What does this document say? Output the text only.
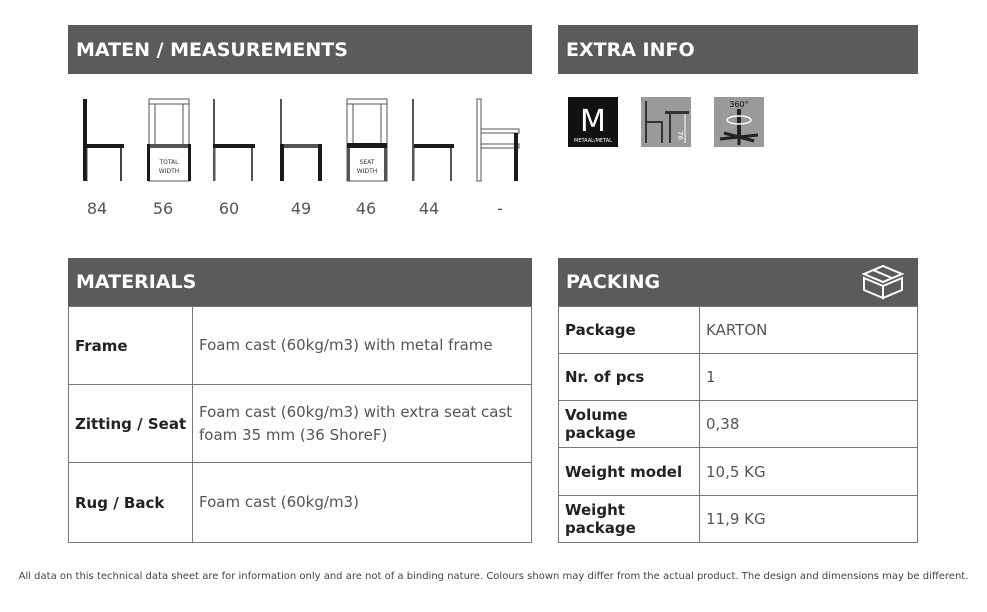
MATEN / MEASUREMENTS
TOTAL
WIDTH
SEAT
WIDTH
84	56	60	49	46	44	-
EXTRA INFO
M
METAAL/METAL
76
360°
MATERIALS
Frame	Foam cast (60kg/m3) with metal frame

Zitting / Seat	Foam cast (60kg/m3) with extra seat cast
foam 35 mm (36 ShoreF)

Rug / Back	Foam cast (60kg/m3)
PACKING
Package	KARTON
Nr. of pcs	1
Volume package	0,38
Weight model	10,5 KG
Weight package	11,9 KG
All data on this technical data sheet are for information only and are not of a binding nature. Colours shown may differ from the actual product. The design and dimensions may be different.
